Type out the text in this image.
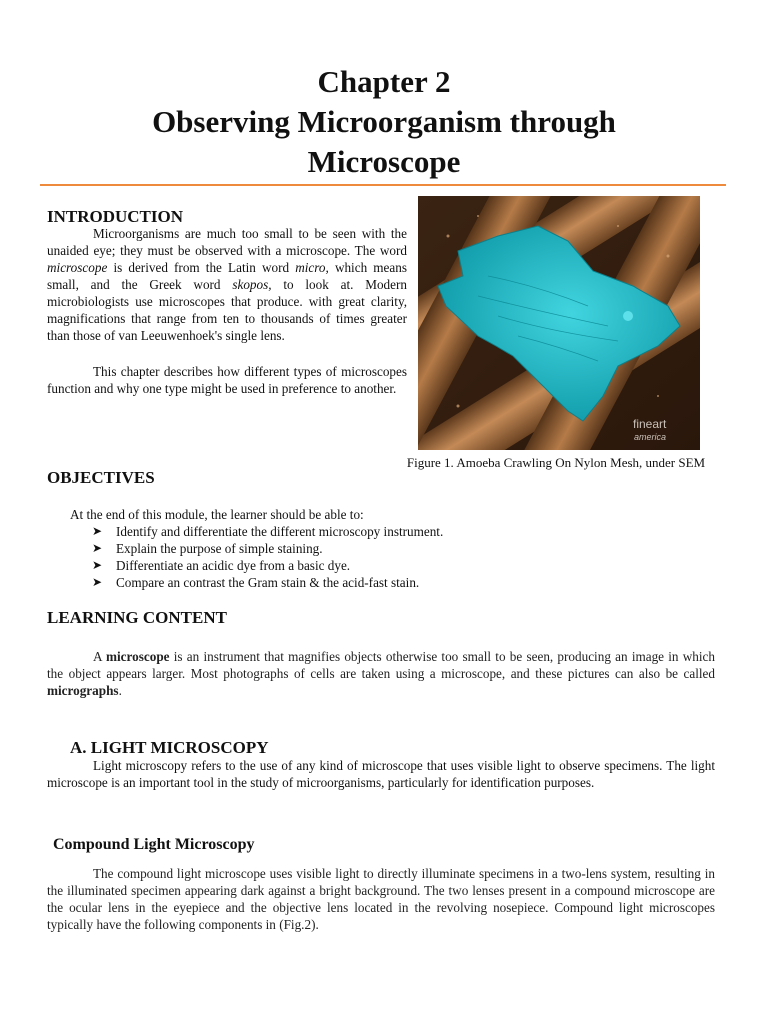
Chapter 2
Observing Microorganism through
Microscope
INTRODUCTION
Microorganisms are much too small to be seen with the unaided eye; they must be observed with a microscope. The word microscope is derived from the Latin word micro, which means small, and the Greek word skopos, to look at. Modern microbiologists use microscopes that produce. with great clarity, magnifications that range from ten to thousands of times greater than those of van Leeuwenhoek's single lens.
This chapter describes how different types of microscopes function and why one type might be used in preference to another.
fineart
america
Figure 1. Amoeba Crawling On Nylon Mesh, under SEM
OBJECTIVES
At the end of this module, the learner should be able to:
➤ Identify and differentiate the different microscopy instrument.
➤ Explain the purpose of simple staining.
➤ Differentiate an acidic dye from a basic dye.
➤ Compare an contrast the Gram stain & the acid-fast stain.
LEARNING CONTENT
A microscope is an instrument that magnifies objects otherwise too small to be seen, producing an image in which the object appears larger. Most photographs of cells are taken using a microscope, and these pictures can also be called micrographs.
A. LIGHT MICROSCOPY
Light microscopy refers to the use of any kind of microscope that uses visible light to observe specimens. The light microscope is an important tool in the study of microorganisms, particularly for identification purposes.
Compound Light Microscopy
The compound light microscope uses visible light to directly illuminate specimens in a two-lens system, resulting in the illuminated specimen appearing dark against a bright background. The two lenses present in a compound microscope are the ocular lens in the eyepiece and the objective lens located in the revolving nosepiece. Compound light microscopes typically have the following components in (Fig.2).
